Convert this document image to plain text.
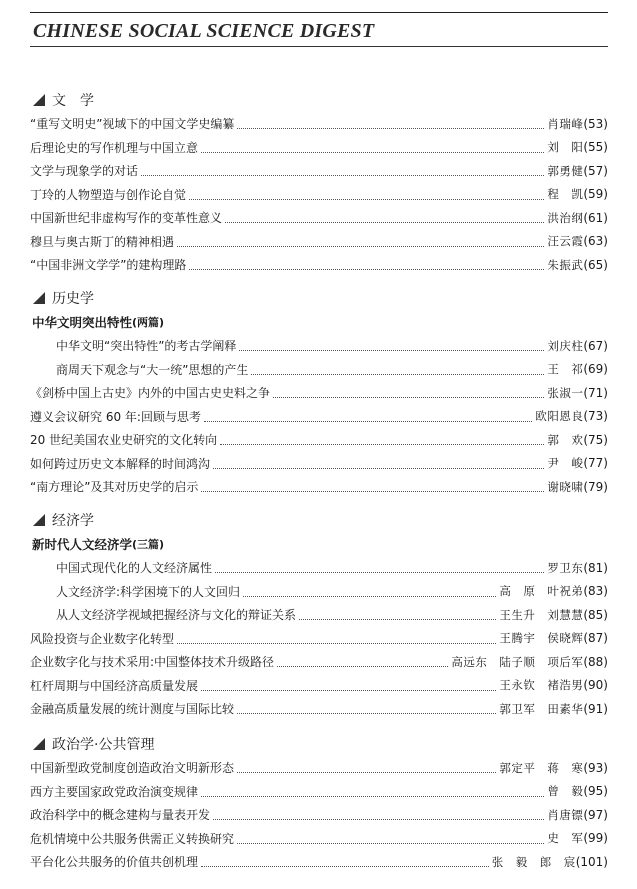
CHINESE SOCIAL SCIENCE DIGEST
文　学
“重写文明史”视域下的中国文学史编纂	肖瑞峰 (53)
后理论史的写作机理与中国立意	刘　阳 (55)
文学与现象学的对话	郭勇健 (57)
丁玲的人物塑造与创作论自觉	程　凯 (59)
中国新世纪非虚构写作的变革性意义	洪治纲 (61)
穆旦与奥古斯丁的精神相遇	汪云霞 (63)
“中国非洲文学学”的建构理路	朱振武 (65)
历史学
中华文明突出特性 (两篇)
中华文明“突出特性”的考古学阐释	刘庆柱 (67)
商周天下观念与“大一统”思想的产生	王　祁 (69)
《剑桥中国上古史》内外的中国古史史料之争	张淑一 (71)
遵义会议研究 60 年:回顾与思考	欧阳恩良 (73)
20 世纪美国农业史研究的文化转向	郭　欢 (75)
如何跨过历史文本解释的时间鸿沟	尹　峻 (77)
“南方理论”及其对历史学的启示	谢晓啸 (79)
经济学
新时代人文经济学 (三篇)
中国式现代化的人文经济属性	罗卫东 (81)
人文经济学:科学困境下的人文回归	高　原　叶祝弟 (83)
从人文经济学视域把握经济与文化的辩证关系	王生升　刘慧慧 (85)
风险投资与企业数字化转型	王腾宇　侯晓辉 (87)
企业数字化与技术采用:中国整体技术升级路径	高远东　陆子顺　项后军 (88)
杠杆周期与中国经济高质量发展	王永钦　褚浩男 (90)
金融高质量发展的统计测度与国际比较	郭卫军　田素华 (91)
政治学·公共管理
中国新型政党制度创造政治文明新形态	郭定平　蒋　寒 (93)
西方主要国家政党政治演变规律	曾　毅 (95)
政治科学中的概念建构与量表开发	肖唐镖 (97)
危机情境中公共服务供需正义转换研究	史　军 (99)
平台化公共服务的价值共创机理	张　毅　郎　宸 (101)
